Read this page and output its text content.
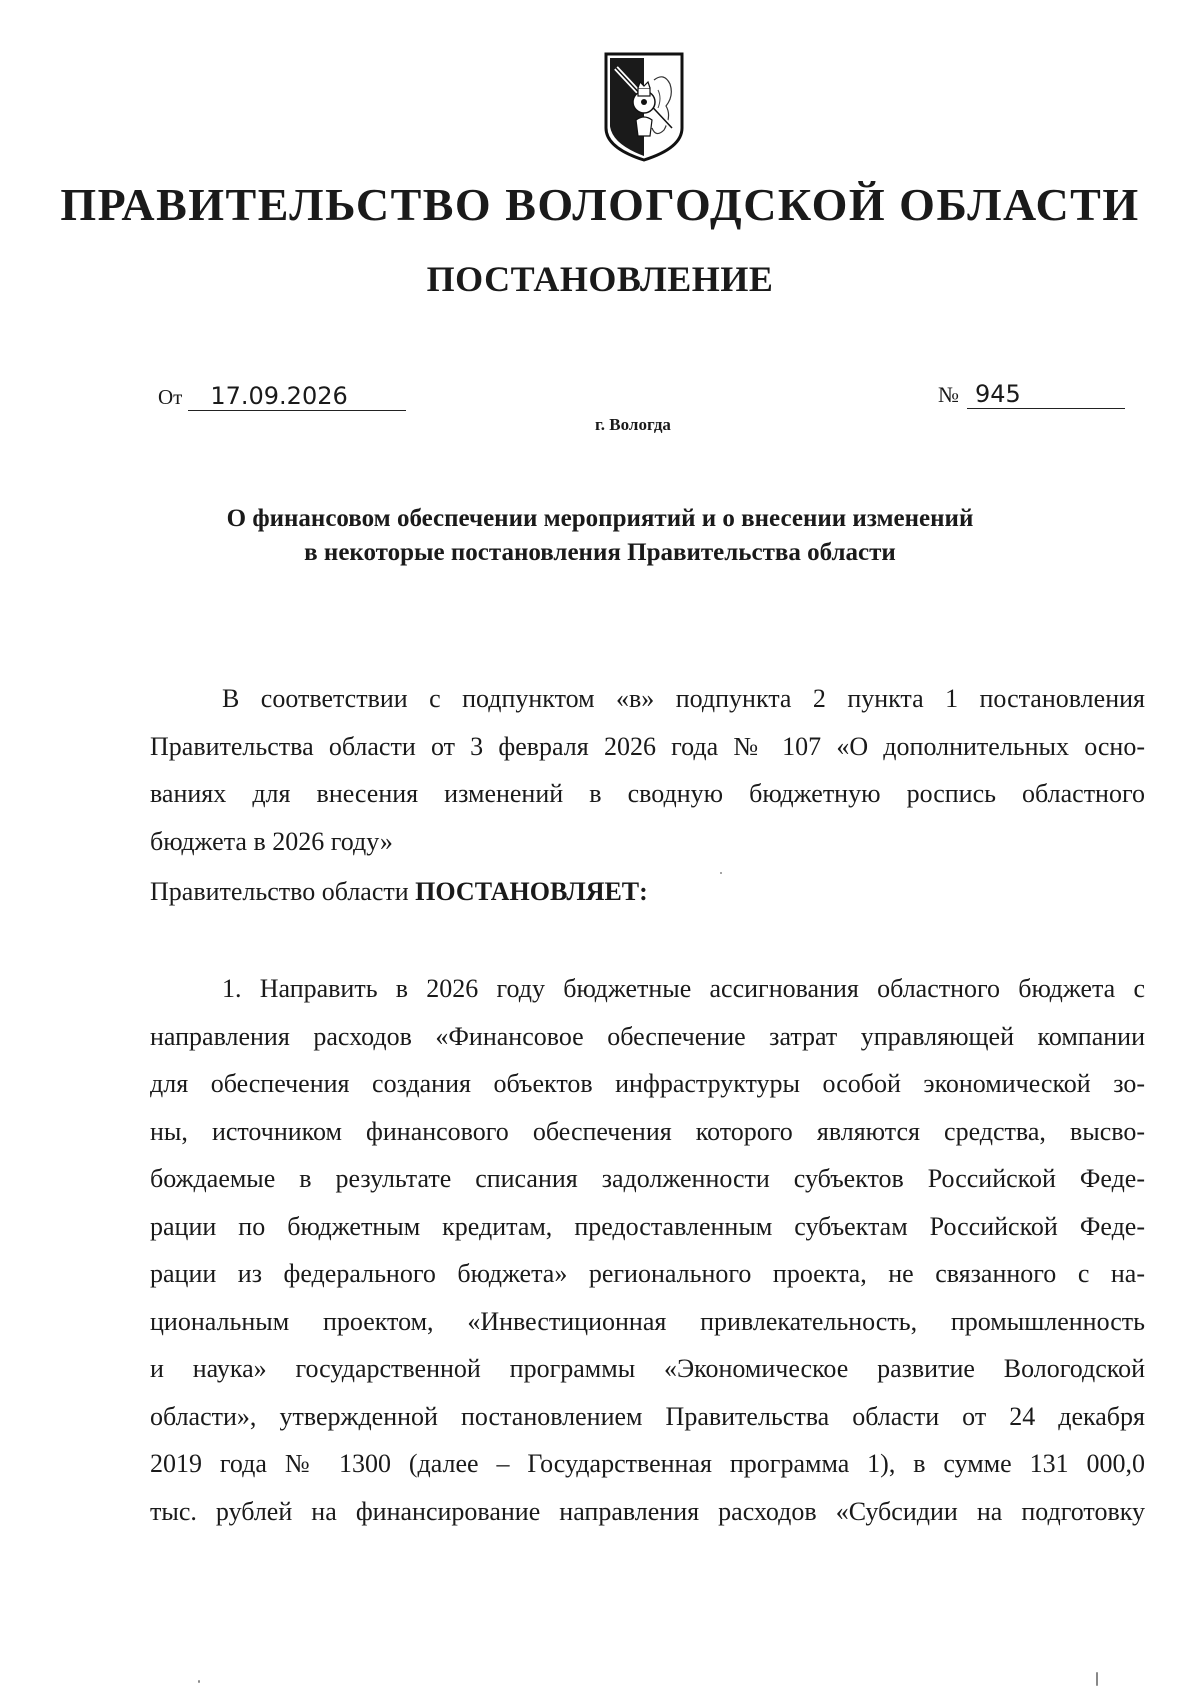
ПРАВИТЕЛЬСТВО ВОЛОГОДСКОЙ ОБЛАСТИ
ПОСТАНОВЛЕНИЕ
От 17.09.2026	№ 945
г. Вологда

О финансовом обеспечении мероприятий и о внесении изменений
в некоторые постановления Правительства области

В соответствии с подпунктом «в» подпункта 2 пункта 1 постановления
Правительства области от 3 февраля 2026 года № 107 «О дополнительных осно-
ваниях для внесения изменений в сводную бюджетную роспись областного
бюджета в 2026 году»

Правительство области ПОСТАНОВЛЯЕТ:

1. Направить в 2026 году бюджетные ассигнования областного бюджета с
направления расходов «Финансовое обеспечение затрат управляющей компании
для обеспечения создания объектов инфраструктуры особой экономической зо-
ны, источником финансового обеспечения которого являются средства, высво-
бождаемые в результате списания задолженности субъектов Российской Феде-
рации по бюджетным кредитам, предоставленным субъектам Российской Феде-
рации из федерального бюджета» регионального проекта, не связанного с на-
циональным проектом, «Инвестиционная привлекательность, промышленность
и наука» государственной программы «Экономическое развитие Вологодской
области», утвержденной постановлением Правительства области от 24 декабря
2019 года № 1300 (далее – Государственная программа 1), в сумме 131 000,0
тыс. рублей на финансирование направления расходов «Субсидии на подготовку
